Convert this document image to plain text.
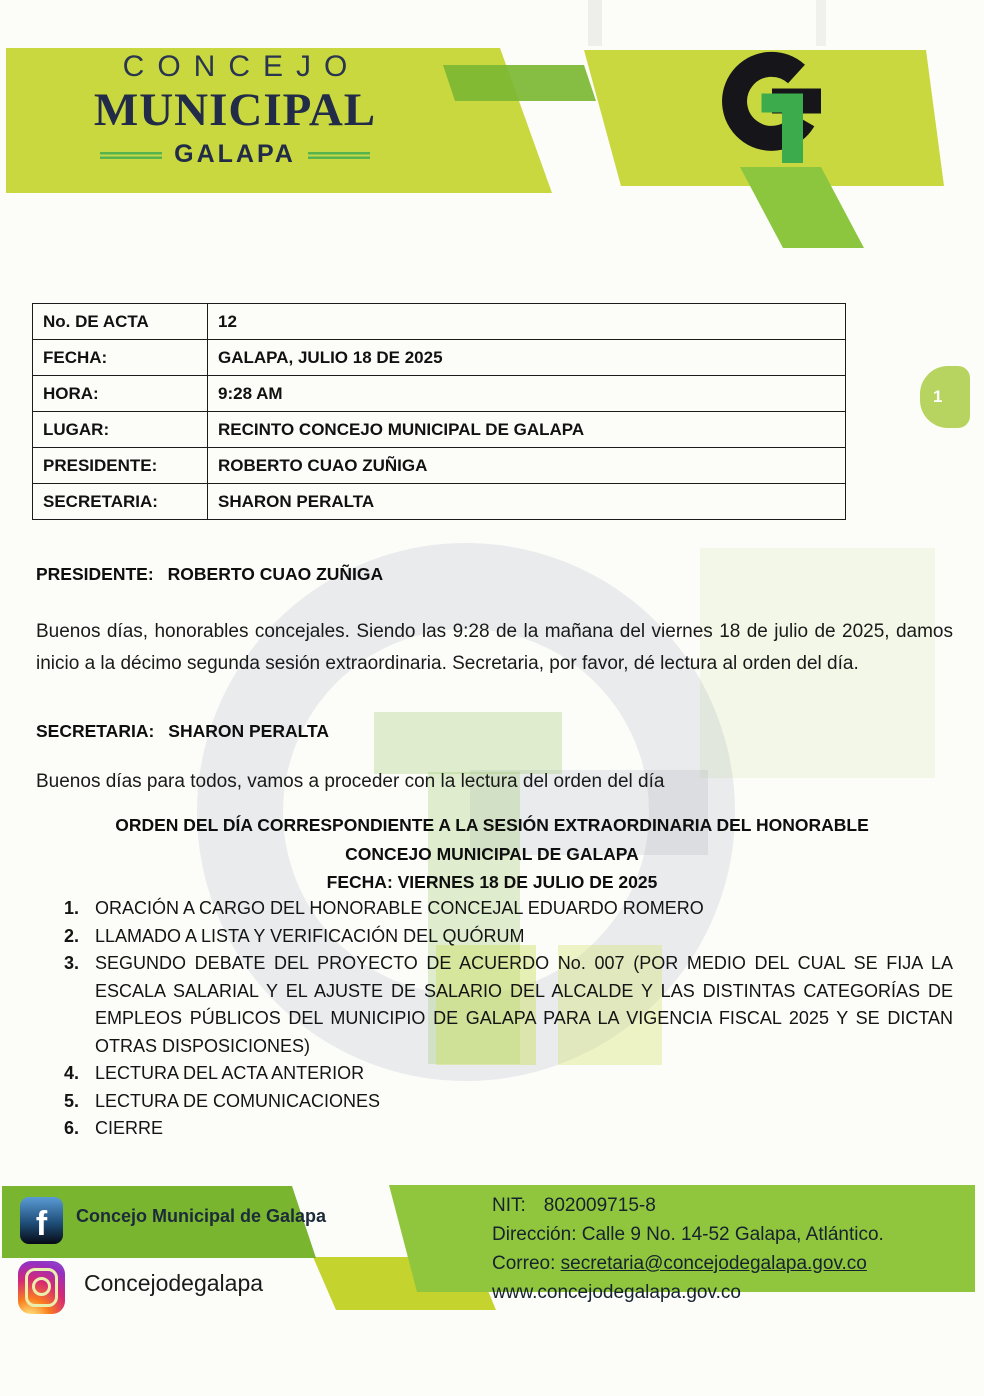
CONCEJO
MUNICIPAL
GALAPA
1
No. DE ACTA	12
FECHA:	GALAPA, JULIO 18 DE 2025
HORA:	9:28 AM
LUGAR:	RECINTO CONCEJO MUNICIPAL DE GALAPA
PRESIDENTE:	ROBERTO CUAO ZUÑIGA
SECRETARIA:	SHARON PERALTA
PRESIDENTE: ROBERTO CUAO ZUÑIGA
Buenos días, honorables concejales. Siendo las 9:28 de la mañana del viernes 18 de julio de 2025, damos inicio a la décimo segunda sesión extraordinaria. Secretaria, por favor, dé lectura al orden del día.
SECRETARIA: SHARON PERALTA
Buenos días para todos, vamos a proceder con la lectura del orden del día
ORDEN DEL DÍA CORRESPONDIENTE A LA SESIÓN EXTRAORDINARIA DEL HONORABLE
CONCEJO MUNICIPAL DE GALAPA
FECHA: VIERNES 18 DE JULIO DE 2025
1. ORACIÓN A CARGO DEL HONORABLE CONCEJAL EDUARDO ROMERO
2. LLAMADO A LISTA Y VERIFICACIÓN DEL QUÓRUM
3. SEGUNDO DEBATE DEL PROYECTO DE ACUERDO No. 007 (POR MEDIO DEL CUAL SE FIJA LA ESCALA SALARIAL Y EL AJUSTE DE SALARIO DEL ALCALDE Y LAS DISTINTAS CATEGORÍAS DE EMPLEOS PÚBLICOS DEL MUNICIPIO DE GALAPA PARA LA VIGENCIA FISCAL 2025 Y SE DICTAN OTRAS DISPOSICIONES)
4. LECTURA DEL ACTA ANTERIOR
5. LECTURA DE COMUNICACIONES
6. CIERRE
f Concejo Municipal de Galapa
Concejodegalapa
NIT: 802009715-8
Dirección: Calle 9 No. 14-52 Galapa, Atlántico.
Correo: secretaria@concejodegalapa.gov.co
www.concejodegalapa.gov.co
